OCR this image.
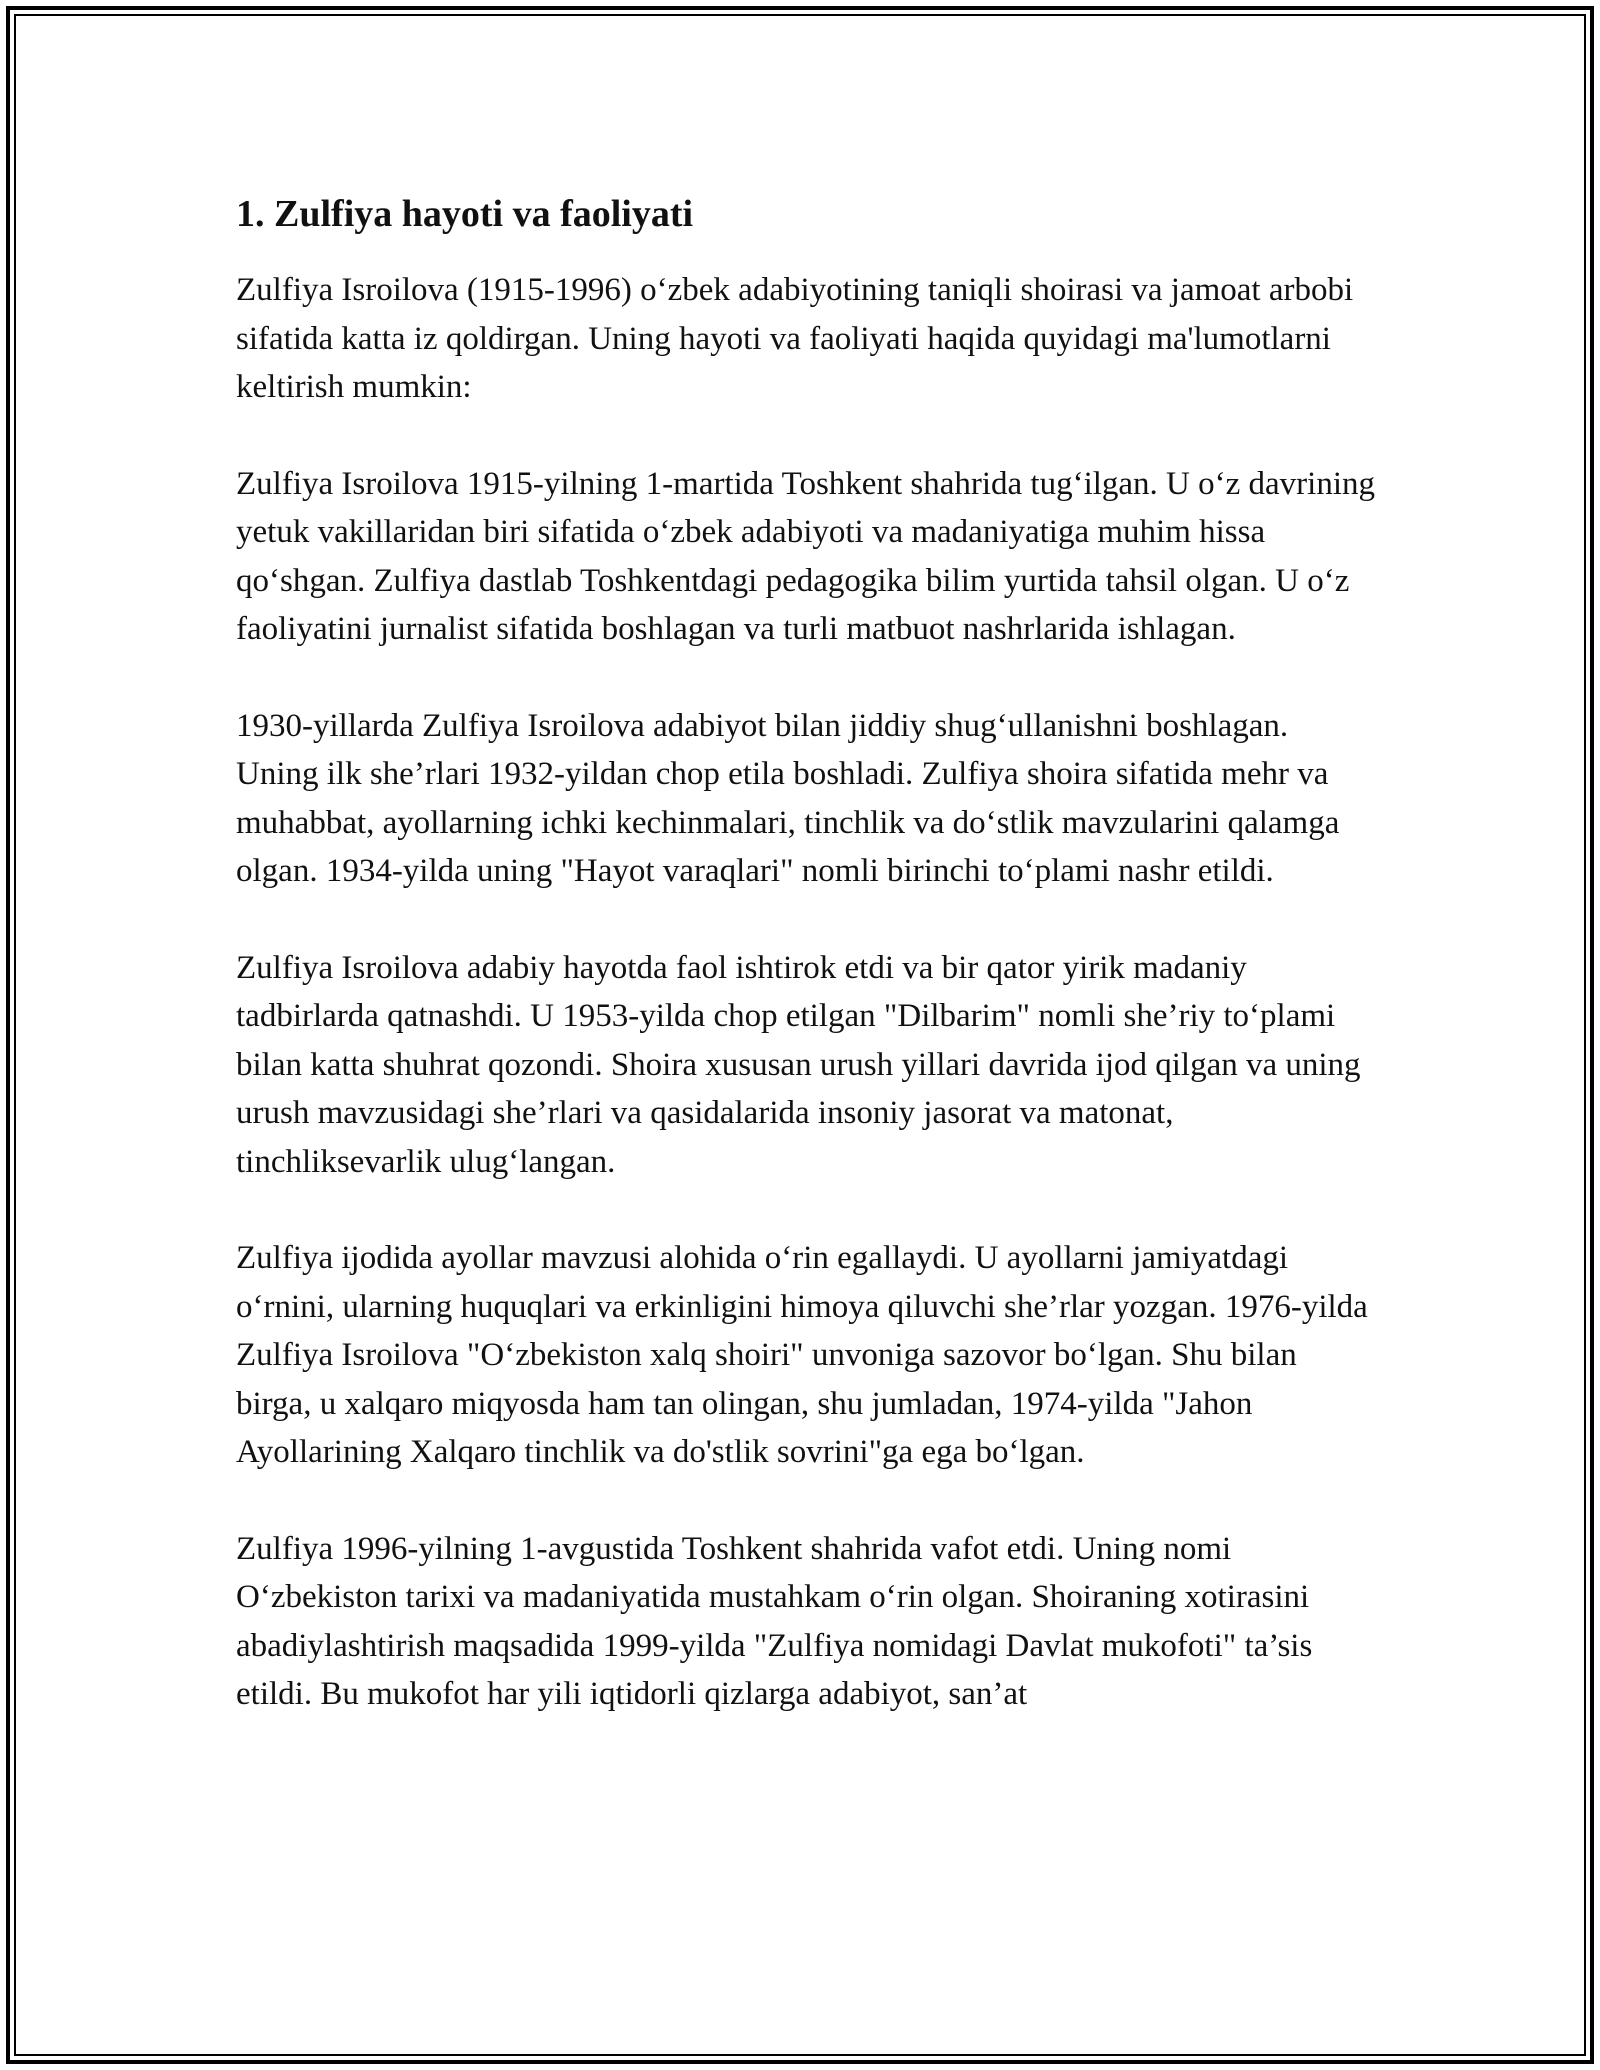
1. Zulfiya hayoti va faoliyati

Zulfiya Isroilova (1915-1996) o‘zbek adabiyotining taniqli shoirasi va jamoat arbobi sifatida katta iz qoldirgan. Uning hayoti va faoliyati haqida quyidagi ma'lumotlarni keltirish mumkin:

Zulfiya Isroilova 1915-yilning 1-martida Toshkent shahrida tug‘ilgan. U o‘z davrining yetuk vakillaridan biri sifatida o‘zbek adabiyoti va madaniyatiga muhim hissa qo‘shgan. Zulfiya dastlab Toshkentdagi pedagogika bilim yurtida tahsil olgan. U o‘z faoliyatini jurnalist sifatida boshlagan va turli matbuot nashrlarida ishlagan.

1930-yillarda Zulfiya Isroilova adabiyot bilan jiddiy shug‘ullanishni boshlagan. Uning ilk she’rlari 1932-yildan chop etila boshladi. Zulfiya shoira sifatida mehr va muhabbat, ayollarning ichki kechinmalari, tinchlik va do‘stlik mavzularini qalamga olgan. 1934-yilda uning "Hayot varaqlari" nomli birinchi to‘plami nashr etildi.

Zulfiya Isroilova adabiy hayotda faol ishtirok etdi va bir qator yirik madaniy tadbirlarda qatnashdi. U 1953-yilda chop etilgan "Dilbarim" nomli she’riy to‘plami bilan katta shuhrat qozondi. Shoira xususan urush yillari davrida ijod qilgan va uning urush mavzusidagi she’rlari va qasidalarida insoniy jasorat va matonat, tinchliksevarlik ulug‘langan.

Zulfiya ijodida ayollar mavzusi alohida o‘rin egallaydi. U ayollarni jamiyatdagi o‘rnini, ularning huquqlari va erkinligini himoya qiluvchi she’rlar yozgan. 1976-yilda Zulfiya Isroilova "O‘zbekiston xalq shoiri" unvoniga sazovor bo‘lgan. Shu bilan birga, u xalqaro miqyosda ham tan olingan, shu jumladan, 1974-yilda "Jahon Ayollarining Xalqaro tinchlik va do'stlik sovrini"ga ega bo‘lgan.

Zulfiya 1996-yilning 1-avgustida Toshkent shahrida vafot etdi. Uning nomi O‘zbekiston tarixi va madaniyatida mustahkam o‘rin olgan. Shoiraning xotirasini abadiylashtirish maqsadida 1999-yilda "Zulfiya nomidagi Davlat mukofoti" ta’sis etildi. Bu mukofot har yili iqtidorli qizlarga adabiyot, san’at
